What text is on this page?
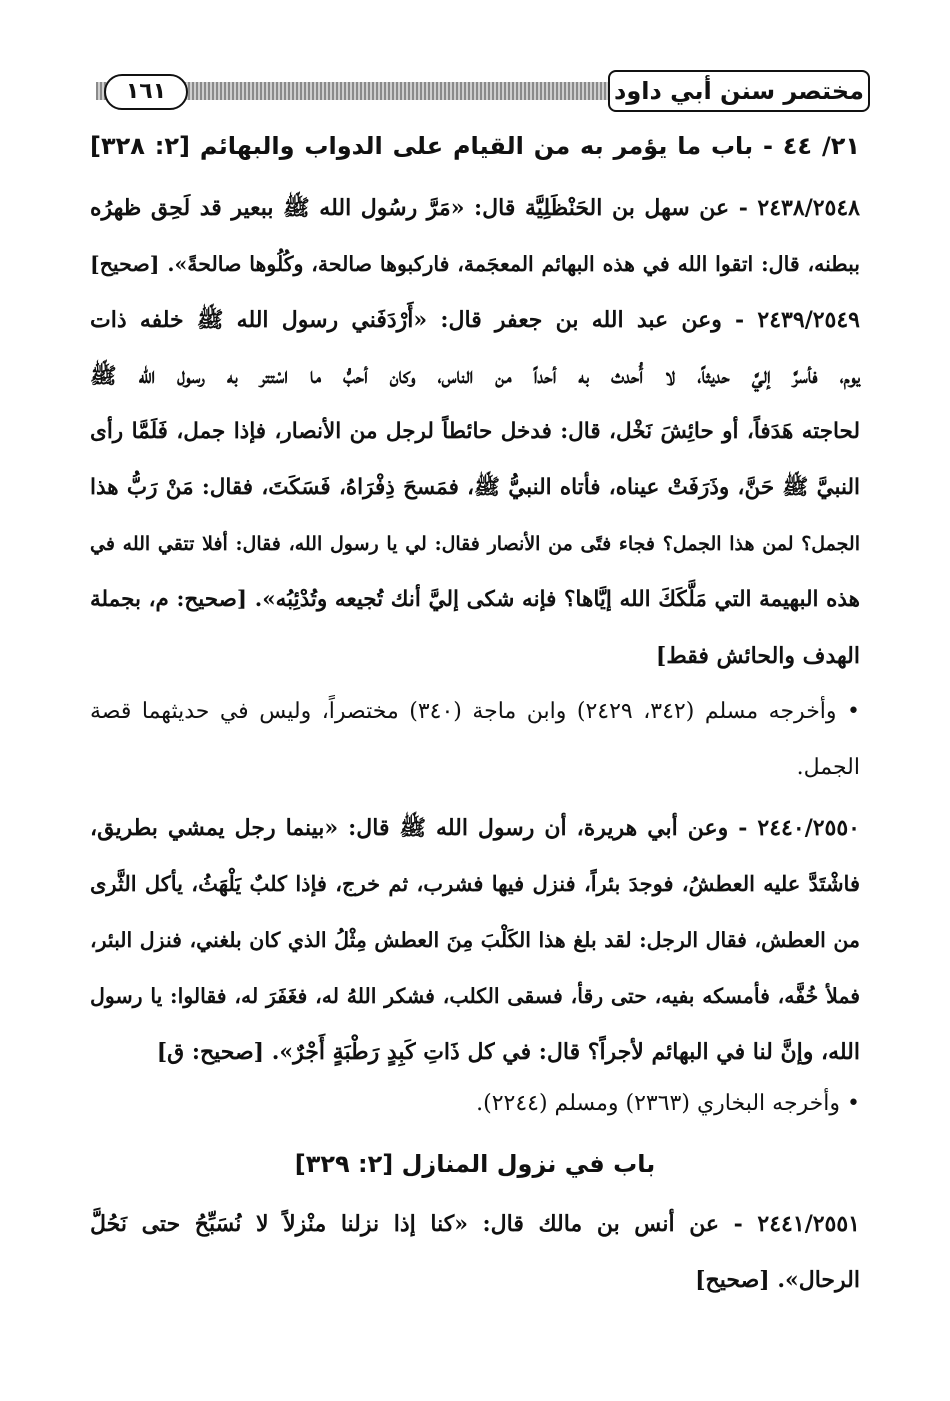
١٦١	مختصر سنن أبي داود
٢١/ ٤٤ - باب ما يؤمر به من القيام على الدواب والبهائم [٢: ٣٢٨]
٢٤٣٨/٢٥٤٨ - عن سهل بن الحَنْظَلِيَّة قال: «مَرَّ رسُول الله ﷺ ببعير قد لَحِق ظهرُه
ببطنه، قال: اتقوا الله في هذه البهائم المعجَمة، فاركبوها صالحة، وكُلُوها صالحةً». [صحيح]
٢٤٣٩/٢٥٤٩ - وعن عبد الله بن جعفر قال: «أَرْدَفَني رسول الله ﷺ خلفه ذات
يوم، فأسرَّ إليَّ حديثاً، لا أُحدث به أحداً من الناس، وكان أحبُّ ما اسْتتر به رسول الله ﷺ
لحاجته هَدَفاً، أو حائِشَ نَخْل، قال: فدخل حائطاً لرجل من الأنصار، فإذا جمل، فَلَمَّا رأى
النبيَّ ﷺ حَنَّ، وذَرَفَتْ عيناه، فأتاه النبيُّ ﷺ، فمَسحَ ذِفْرَاهُ، فَسَكَتَ، فقال: مَنْ رَبُّ هذا
الجمل؟ لمن هذا الجمل؟ فجاء فتًى من الأنصار فقال: لي يا رسول الله، فقال: أفلا تتقي الله في
هذه البهيمة التي مَلَّكَكَ الله إيَّاها؟ فإنه شكى إليَّ أنك تُجيعه وتُدْئِبُه». [صحيح: م، بجملة
الهدف والحائش فقط]
• وأخرجه مسلم (٣٤٢، ٢٤٢٩) وابن ماجة (٣٤٠) مختصراً، وليس في حديثهما قصة
الجمل.
٢٤٤٠/٢٥٥٠ - وعن أبي هريرة، أن رسول الله ﷺ قال: «بينما رجل يمشي بطريق،
فاشْتَدَّ عليه العطشُ، فوجدَ بئراً، فنزل فيها فشرب، ثم خرج، فإذا كلبٌ يَلْهَثُ، يأكل الثَّرى
من العطش، فقال الرجل: لقد بلغ هذا الكَلْبَ مِنَ العطش مِثْلُ الذي كان بلغني، فنزل البئر،
فملأ خُفَّه، فأمسكه بفيه، حتى رقأ، فسقى الكلب، فشكر اللهُ له، فغَفَرَ له، فقالوا: يا رسول
الله، وإنَّ لنا في البهائم لأجراً؟ قال: في كل ذَاتِ كَبِدٍ رَطْبَةٍ أَجْرٌ». [صحيح: ق]
• وأخرجه البخاري (٢٣٦٣) ومسلم (٢٢٤٤).
باب في نزول المنازل [٢: ٣٢٩]
٢٤٤١/٢٥٥١ - عن أنس بن مالك قال: «كنا إذا نزلنا منْزلاً لا نُسَبِّحُ حتى نَحُلَّ
الرحال». [صحيح]
